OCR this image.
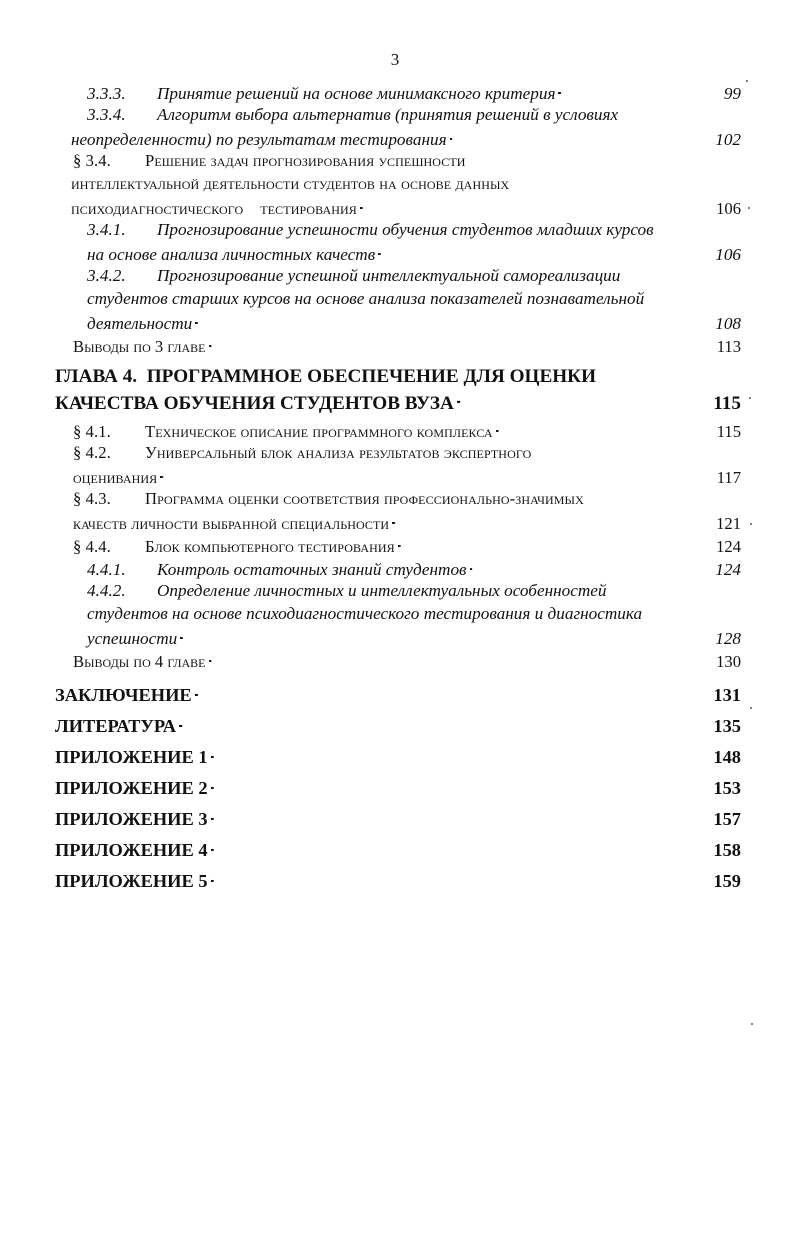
3
3.3.3. Принятие решений на основе минимаксного критерия . . .	99
3.3.4. Алгоритм выбора альтернатив (принятия решений в условиях
неопределенности) по результатам тестирования . . .	102
§ 3.4. Решение задач прогнозирования успешности
интеллектуальной деятельности студентов на основе данных
психодиагностического    тестирования . . .	106
3.4.1. Прогнозирование успешности обучения студентов младших курсов
на основе анализа личностных качеств . . .	106
3.4.2. Прогнозирование успешной интеллектуальной самореализации
студентов старших курсов на основе анализа показателей познавательной
деятельности . . .	108
Выводы по 3 главе . . .	113
ГЛАВА 4.  ПРОГРАММНОЕ ОБЕСПЕЧЕНИЕ ДЛЯ ОЦЕНКИ
КАЧЕСТВА ОБУЧЕНИЯ СТУДЕНТОВ ВУЗА . . .	115
§ 4.1. Техническое описание программного комплекса . . .	115
§ 4.2. Универсальный блок анализа результатов экспертного
оценивания . . .	117
§ 4.3. Программа оценки соответствия профессионально-значимых
качеств личности выбранной специальности . . .	121
§ 4.4. Блок компьютерного тестирования . . .	124
4.4.1. Контроль остаточных знаний студентов . . .	124
4.4.2. Определение личностных и интеллектуальных особенностей
студентов на основе психодиагностического тестирования и диагностика
успешности . . .	128
Выводы по 4 главе . . .	130
ЗАКЛЮЧЕНИЕ . . .	131
ЛИТЕРАТУРА . . .	135
ПРИЛОЖЕНИЕ 1 . . .	148
ПРИЛОЖЕНИЕ 2 . . .	153
ПРИЛОЖЕНИЕ 3 . . .	157
ПРИЛОЖЕНИЕ 4 . . .	158
ПРИЛОЖЕНИЕ 5 . . .	159
